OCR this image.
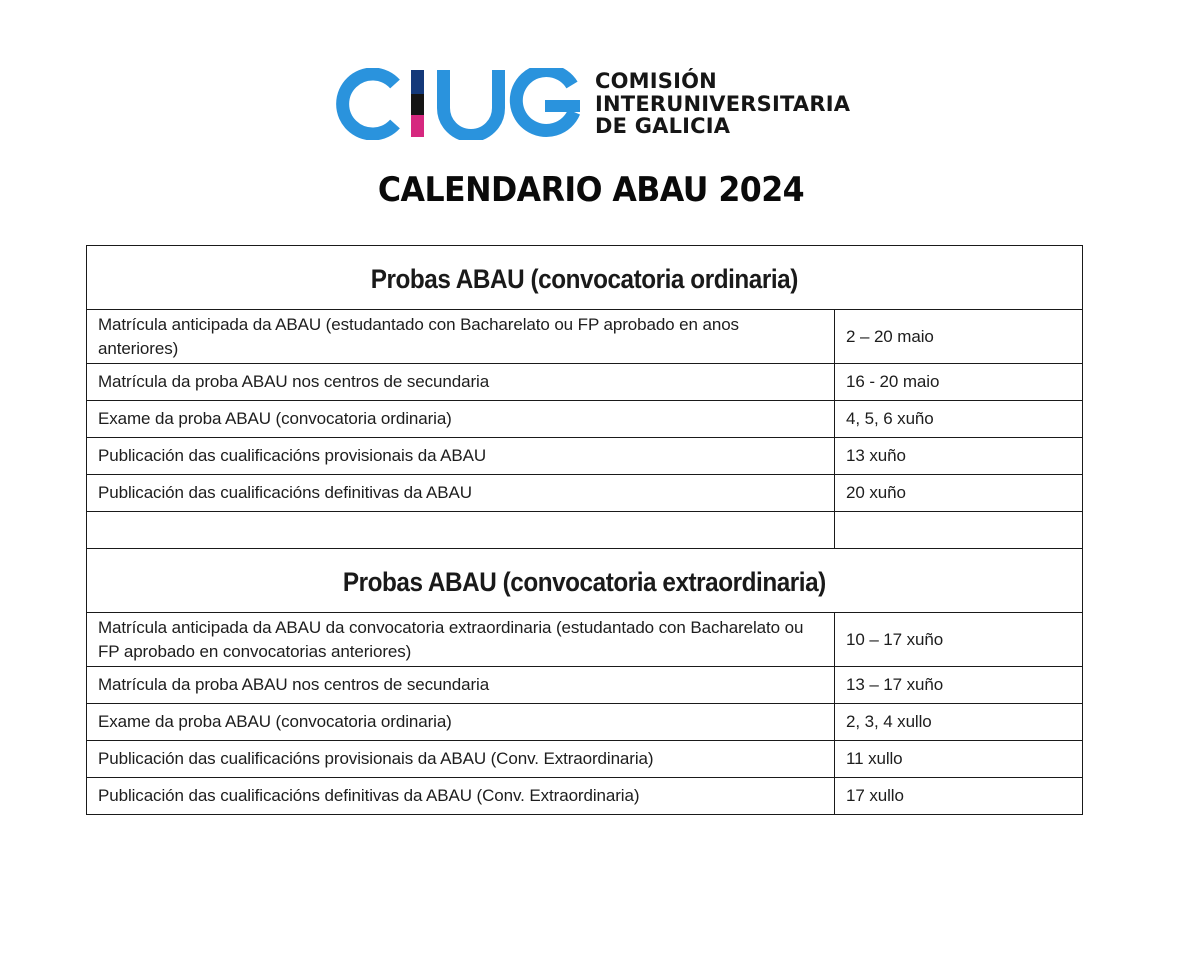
COMISIÓN
INTERUNIVERSITARIA
DE GALICIA
CALENDARIO ABAU 2024
Probas ABAU (convocatoria ordinaria)	
Matrícula anticipada da ABAU (estudantado con Bacharelato ou FP aprobado en anos anteriores)	2 – 20 maio
Matrícula da proba ABAU nos centros de secundaria	16 - 20 maio
Exame da proba ABAU (convocatoria ordinaria)	4, 5, 6 xuño
Publicación das cualificacións provisionais da ABAU	13 xuño
Publicación das cualificacións definitivas da ABAU	20 xuño

Probas ABAU (convocatoria extraordinaria)	
Matrícula anticipada da ABAU da convocatoria extraordinaria (estudantado con Bacharelato ou FP aprobado en convocatorias anteriores)	10 – 17 xuño
Matrícula da proba ABAU nos centros de secundaria	13 – 17 xuño
Exame da proba ABAU (convocatoria ordinaria)	2, 3, 4 xullo
Publicación das cualificacións provisionais da ABAU (Conv. Extraordinaria)	11 xullo
Publicación das cualificacións definitivas da ABAU (Conv. Extraordinaria)	17 xullo
